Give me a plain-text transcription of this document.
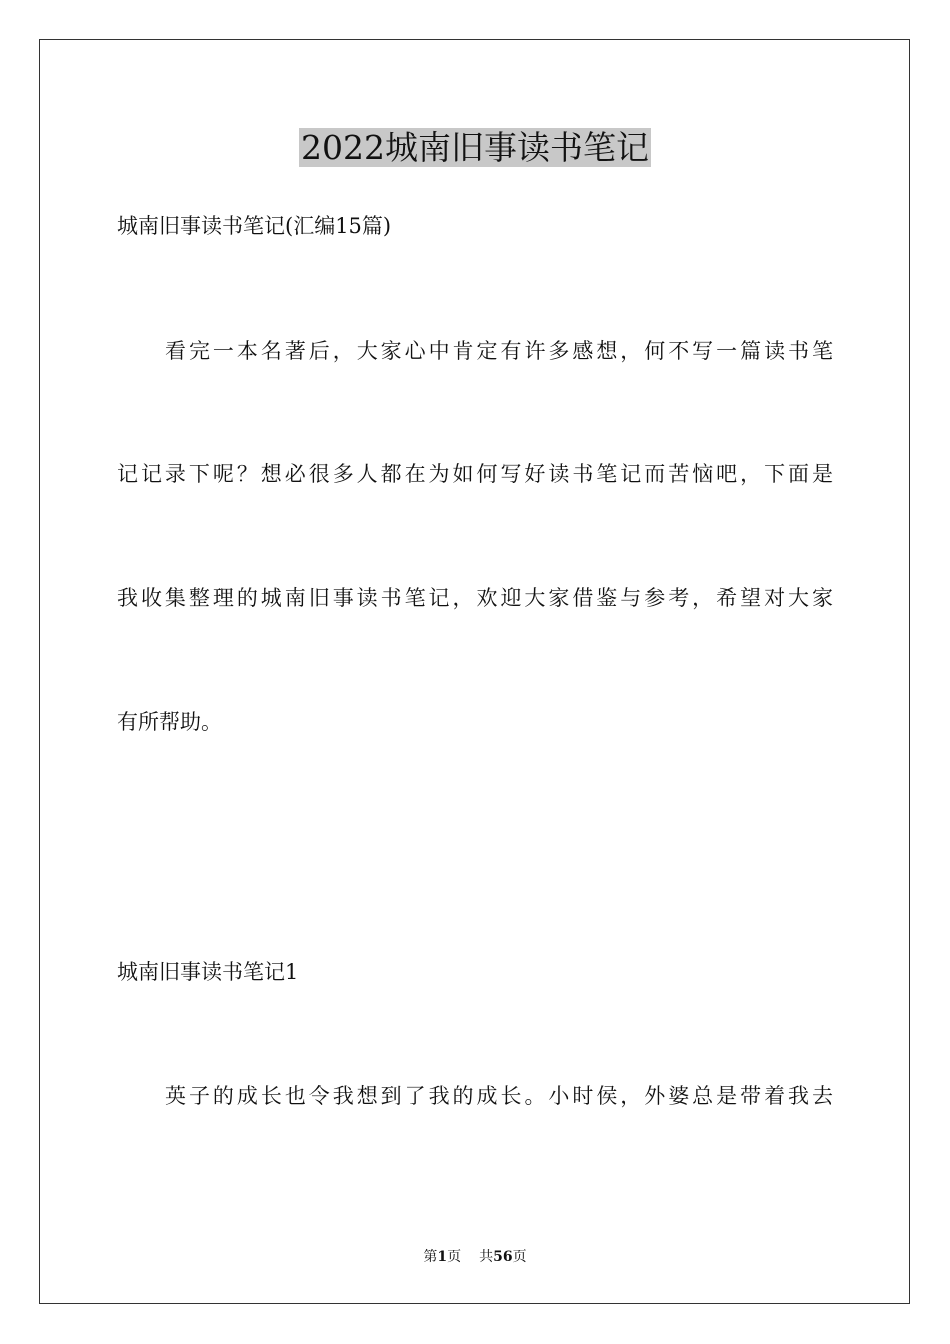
2022城南旧事读书笔记
城南旧事读书笔记(汇编15篇)
看完一本名著后，大家心中肯定有许多感想，何不写一篇读书笔
记记录下呢？想必很多人都在为如何写好读书笔记而苦恼吧，下面是
我收集整理的城南旧事读书笔记，欢迎大家借鉴与参考，希望对大家
有所帮助。
城南旧事读书笔记1
英子的成长也令我想到了我的成长。小时侯，外婆总是带着我去
第1页 共56页
